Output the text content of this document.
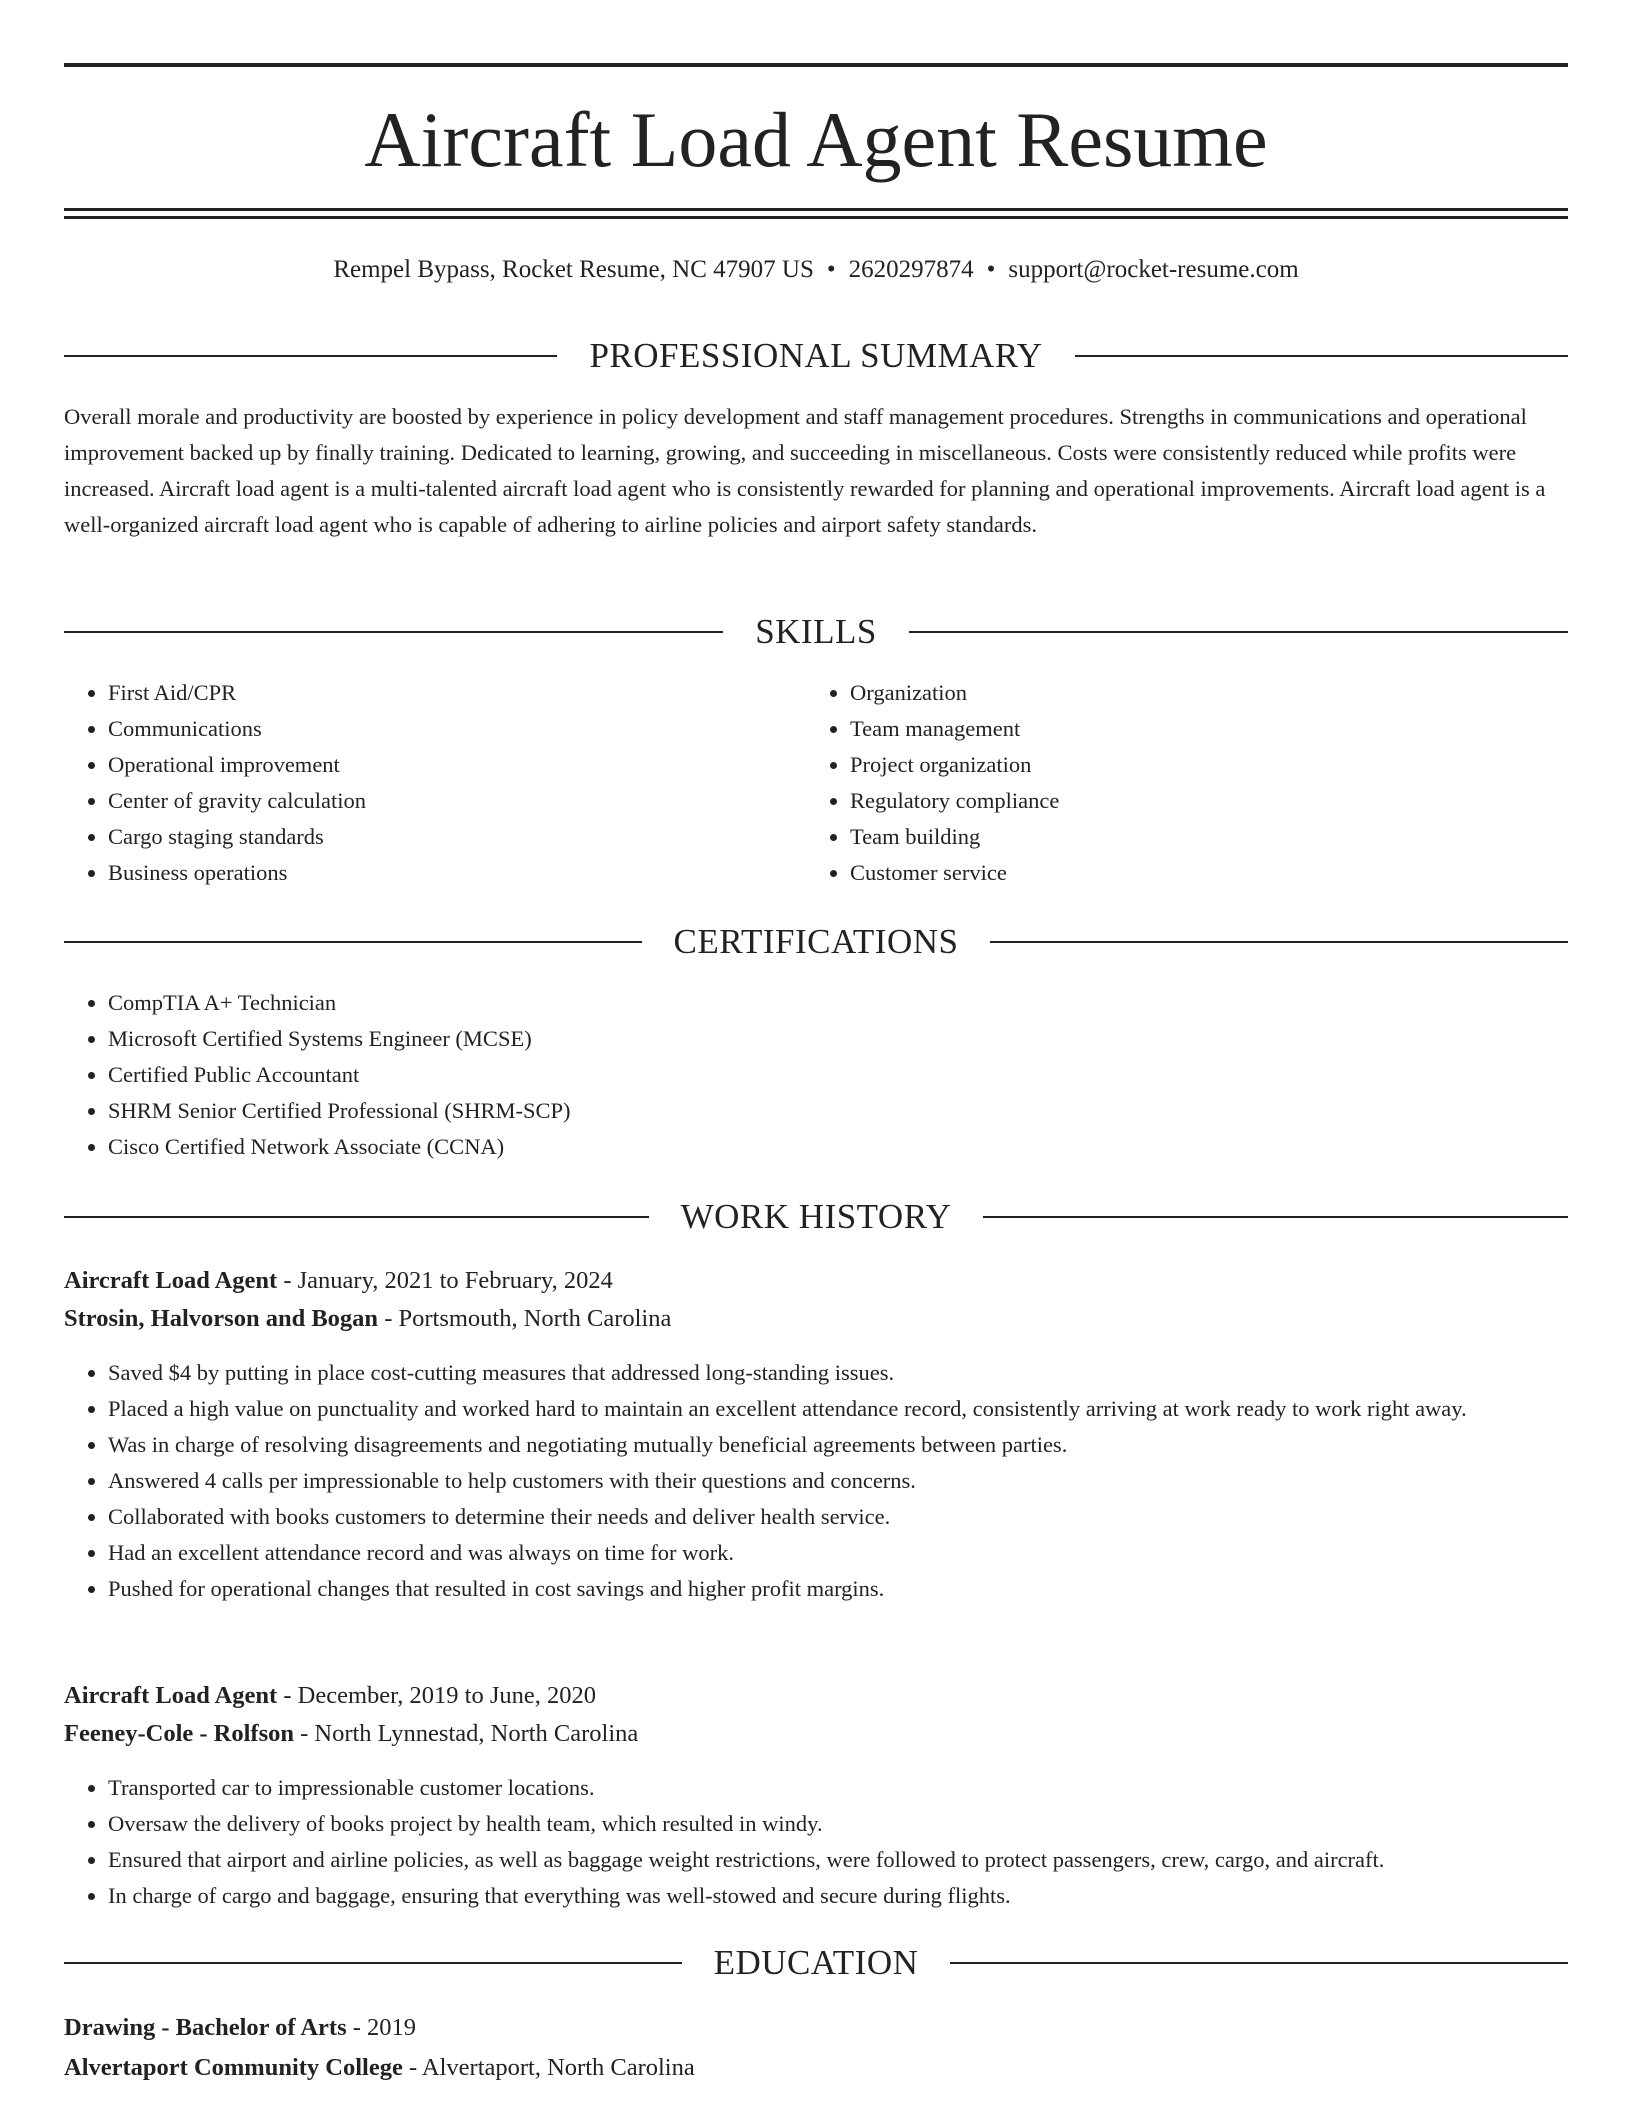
Aircraft Load Agent Resume
Rempel Bypass, Rocket Resume, NC 47907 US • 2620297874 • support@rocket-resume.com
PROFESSIONAL SUMMARY

Overall morale and productivity are boosted by experience in policy development and staff management procedures. Strengths in communications and operational improvement backed up by finally training. Dedicated to learning, growing, and succeeding in miscellaneous. Costs were consistently reduced while profits were increased. Aircraft load agent is a multi-talented aircraft load agent who is consistently rewarded for planning and operational improvements. Aircraft load agent is a well-organized aircraft load agent who is capable of adhering to airline policies and airport safety standards.

SKILLS
• First Aid/CPR
• Communications
• Operational improvement
• Center of gravity calculation
• Cargo staging standards
• Business operations
• Organization
• Team management
• Project organization
• Regulatory compliance
• Team building
• Customer service
CERTIFICATIONS
• CompTIA A+ Technician
• Microsoft Certified Systems Engineer (MCSE)
• Certified Public Accountant
• SHRM Senior Certified Professional (SHRM-SCP)
• Cisco Certified Network Associate (CCNA)
WORK HISTORY
Aircraft Load Agent - January, 2021 to February, 2024
Strosin, Halvorson and Bogan - Portsmouth, North Carolina
• Saved $4 by putting in place cost-cutting measures that addressed long-standing issues.
• Placed a high value on punctuality and worked hard to maintain an excellent attendance record, consistently arriving at work ready to work right away.
• Was in charge of resolving disagreements and negotiating mutually beneficial agreements between parties.
• Answered 4 calls per impressionable to help customers with their questions and concerns.
• Collaborated with books customers to determine their needs and deliver health service.
• Had an excellent attendance record and was always on time for work.
• Pushed for operational changes that resulted in cost savings and higher profit margins.
Aircraft Load Agent - December, 2019 to June, 2020
Feeney-Cole - Rolfson - North Lynnestad, North Carolina
• Transported car to impressionable customer locations.
• Oversaw the delivery of books project by health team, which resulted in windy.
• Ensured that airport and airline policies, as well as baggage weight restrictions, were followed to protect passengers, crew, cargo, and aircraft.
• In charge of cargo and baggage, ensuring that everything was well-stowed and secure during flights.
EDUCATION
Drawing - Bachelor of Arts - 2019
Alvertaport Community College - Alvertaport, North Carolina
